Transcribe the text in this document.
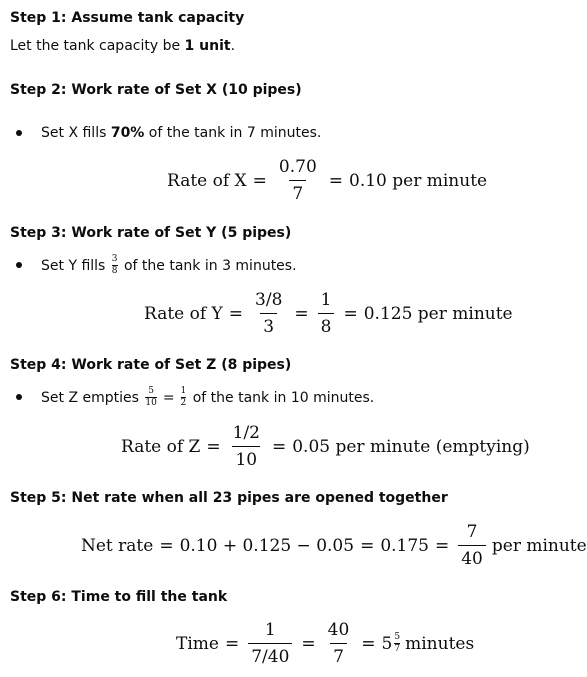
Step 1: Assume tank capacity
Let the tank capacity be 1 unit.
Step 2: Work rate of Set X (10 pipes)
Set X fills 70% of the tank in 7 minutes.
Rate of $X = \frac{0.70}{7} = 0.10$ per minute
Step 3: Work rate of Set Y (5 pipes)
Set Y fills $\frac{3}{8}$ of the tank in 3 minutes.
Rate of $Y = \frac{3/8}{3} = \frac{1}{8} = 0.125$ per minute
Step 4: Work rate of Set Z (8 pipes)
Set Z empties $\frac{5}{10} = \frac{1}{2}$ of the tank in 10 minutes.
Rate of $Z = \frac{1/2}{10} = 0.05$ per minute (emptying)
Step 5: Net rate when all 23 pipes are opened together
Net rate = $0.10 + 0.125 - 0.05 = 0.175 = \frac{7}{40}$ per minute
Step 6: Time to fill the tank
Time = $\frac{1}{7/40} = \frac{40}{7} = 5 \frac{5}{7}$ minutes
